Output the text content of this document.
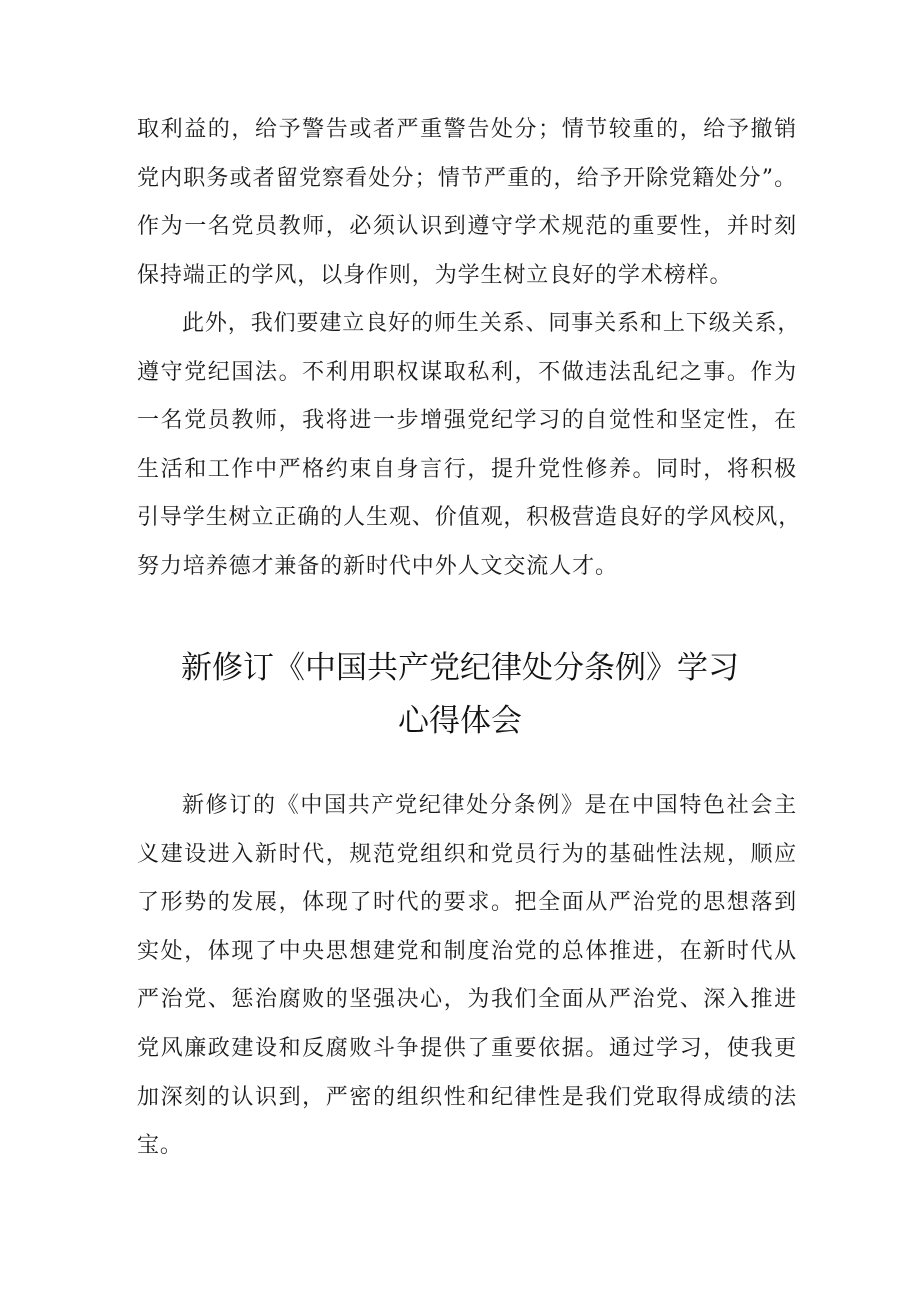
取利益的，给予警告或者严重警告处分；情节较重的，给予撤销
党内职务或者留党察看处分；情节严重的，给予开除党籍处分”。
作为一名党员教师，必须认识到遵守学术规范的重要性，并时刻
保持端正的学风，以身作则，为学生树立良好的学术榜样。
此外，我们要建立良好的师生关系、同事关系和上下级关系，
遵守党纪国法。不利用职权谋取私利，不做违法乱纪之事。作为
一名党员教师，我将进一步增强党纪学习的自觉性和坚定性，在
生活和工作中严格约束自身言行，提升党性修养。同时，将积极
引导学生树立正确的人生观、价值观，积极营造良好的学风校风，
努力培养德才兼备的新时代中外人文交流人才。
新修订《中国共产党纪律处分条例》学习
心得体会
新修订的《中国共产党纪律处分条例》是在中国特色社会主
义建设进入新时代，规范党组织和党员行为的基础性法规，顺应
了形势的发展，体现了时代的要求。把全面从严治党的思想落到
实处，体现了中央思想建党和制度治党的总体推进，在新时代从
严治党、惩治腐败的坚强决心，为我们全面从严治党、深入推进
党风廉政建设和反腐败斗争提供了重要依据。通过学习，使我更
加深刻的认识到，严密的组织性和纪律性是我们党取得成绩的法
宝。
